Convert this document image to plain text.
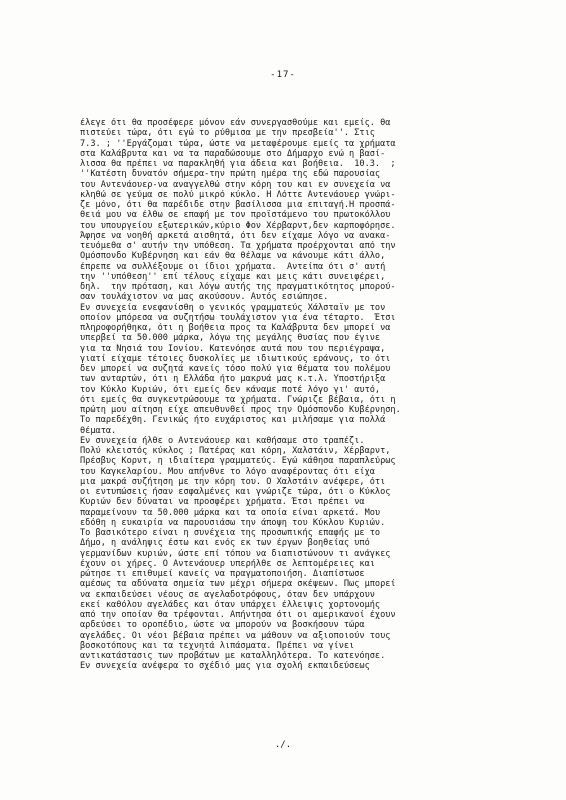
-17-
έλεγε ότι θα προσέφερε μόνον εάν συνεργασθούμε και εμείς. θα
πιστεύει τώρα, ότι εγώ το ρύθμισα με την πρεσβεία''. Στις
7.3. ; ''Εργάζομαι τώρα, ώστε να μεταφέρουμε εμείς τα χρήματα
στα Καλάβρυτα και να τα παραδώσουμε στο Δήμαρχο ενώ η βασί-
λισσα θα πρέπει να παρακληθή για άδεια και βοήθεια.  10.3.  ;
''Κατέστη δυνατόν σήμερα-την πρώτη ημέρα της εδώ παρουσίας
του Αντενάουερ-να αναγγελθώ στην κόρη του και εν συνεχεία να
κληθώ σε γεύμα σε πολύ μικρό κύκλο. Η Λόττε Αντενάουερ γνώρι-
ζε μόνο, ότι θα παρέδιδε στην βασίλισσα μια επιταγή.Η προσπά-
θειά μου να έλθω σε επαφή με τον προϊστάμενο του πρωτοκόλλου
του υπουργείου εξωτερικών,κύριο Φον Χέρβαρντ,δεν καρποφόρησε.
Άφησε να νοηθή αρκετά αισθητά, ότι δεν είχαμε λόγο να ανακα-
τευόμεθα σ' αυτήν την υπόθεση. Τα χρήματα προέρχονται από την
Ομόσπονδο Κυβέρνηση και εάν θα θέλαμε να κάνουμε κάτι άλλο,
έπρεπε να συλλέξουμε οι ίδιοι χρήματα.  Αντείπα ότι σ' αυτή
την ''υπόθεση'' επί τέλους είχαμε και μεις κάτι συνειφέρει,
δηλ.  την πρόταση, και λόγω αυτής της πραγματικότητος μπορού-
σαν τουλάχιστον να μας ακούσουν. Αυτός εσιώπησε.
Εν συνεχεία ενεφανίσθη ο γενικός γραμματεύς Χάλσταϊν με τον
οποίον μπόρεσα να συζητήσω τουλάχιστον για ένα τέταρτο.  Έτσι
πληροφορήθηκα, ότι η βοήθεια προς τα Καλάβρυτα δεν μπορεί να
υπερβεί τα 50.000 μάρκα, λόγω της μεγάλης θυσίας που έγινε
για τα Νησιά του Ιονίου. Κατενόησε αυτά που του περιέγραψα,
γιατί είχαμε τέτοιες δυσκολίες με ιδιωτικούς εράνους, το ότι
δεν μπορεί να συζητά κανείς τόσο πολύ για θέματα του πολέμου
των ανταρτών, ότι η Ελλάδα ήτο μακρυά μας κ.τ.λ. Υποστήριξα
τον Κύκλο Κυριών, ότι εμείς δεν κάναμε ποτέ λόγο γι' αυτό,
ότι εμείς θα συγκεντρώσουμε τα χρήματα. Γνώριζε βέβαια, ότι η
πρώτη μου αίτηση είχε απευθυνθεί προς την Ομόσπονδο Κυβέρνηση.
Το παρεδέχθη. Γενικώς ήτο ευχάριστος και μιλήσαμε για πολλά
θέματα.
Εν συνεχεία ήλθε ο Αντενάουερ και καθήσαμε στο τραπέζι.
Πολύ κλειστός κύκλος ; Πατέρας και κόρη, Χαλστάιν, Χέρβαρντ,
Πρέσβυς Κορντ, η ιδιαίτερα γραμματεύς. Εγώ κάθησα παραπλεύρως
του Καγκελαρίου. Μου απήνθνε το λόγο αναφέροντας ότι είχα
μια μακρά συζήτηση με την κόρη του. Ο Χαλστάιν ανέφερε, ότι
οι εντυπώσεις ήσαν εσφαλμένες και γνώριζε τώρα, ότι ο Κύκλος
Κυριών δεν δύναται να προσφέρει χρήματα. Έτσι πρέπει να
παραμείνουν τα 50.000 μάρκα και τα οποία είναι αρκετά. Μου
εδόθη η ευκαιρία να παρουσιάσω την άποψη του Κύκλου Κυριών.
Το βασικότερο είναι η συνέχεια της προσωπικής επαφής με το
Δήμο, η ανάληψις έστω και ενός εκ των έργων βοηθείας υπό
γερμανίδων κυριών, ώστε επί τόπου να διαπιστώνουν τι ανάγκες
έχουν οι χήρες. Ο Αντενάουερ υπερήλθε σε λεπτομέρειες και
ρώτησε τι επιθυμεί κανείς να πραγματοποιήση. Διαπίστωσε
αμέσως τα αδύνατα σημεία των μέχρι σήμερα σκέψεων. Πως μπορεί
να εκπαιδεύσει νέους σε αγελαδοτρόφους, όταν δεν υπάρχουν
εκεί καθόλου αγελάδες και όταν υπάρχει έλλειψις χορτονομής
από την οποίαν θα τρέφονται. Απήντησα ότι οι αμερικανοί έχουν
αρδεύσει το οροπέδιο, ώστε να μπορούν να βοσκήσουν τώρα
αγελάδες. Οι νέοι βέβαια πρέπει να μάθουν να αξιοποιούν τους
βοσκοτόπους και τα τεχνητά λιπάσματα. Πρέπει να γίνει
αντικατάστασις των προβάτων με καταλληλότερα. Το κατενόησε.
Εν συνεχεία ανέφερα το σχέδιό μας για σχολή εκπαιδεύσεως
./.
